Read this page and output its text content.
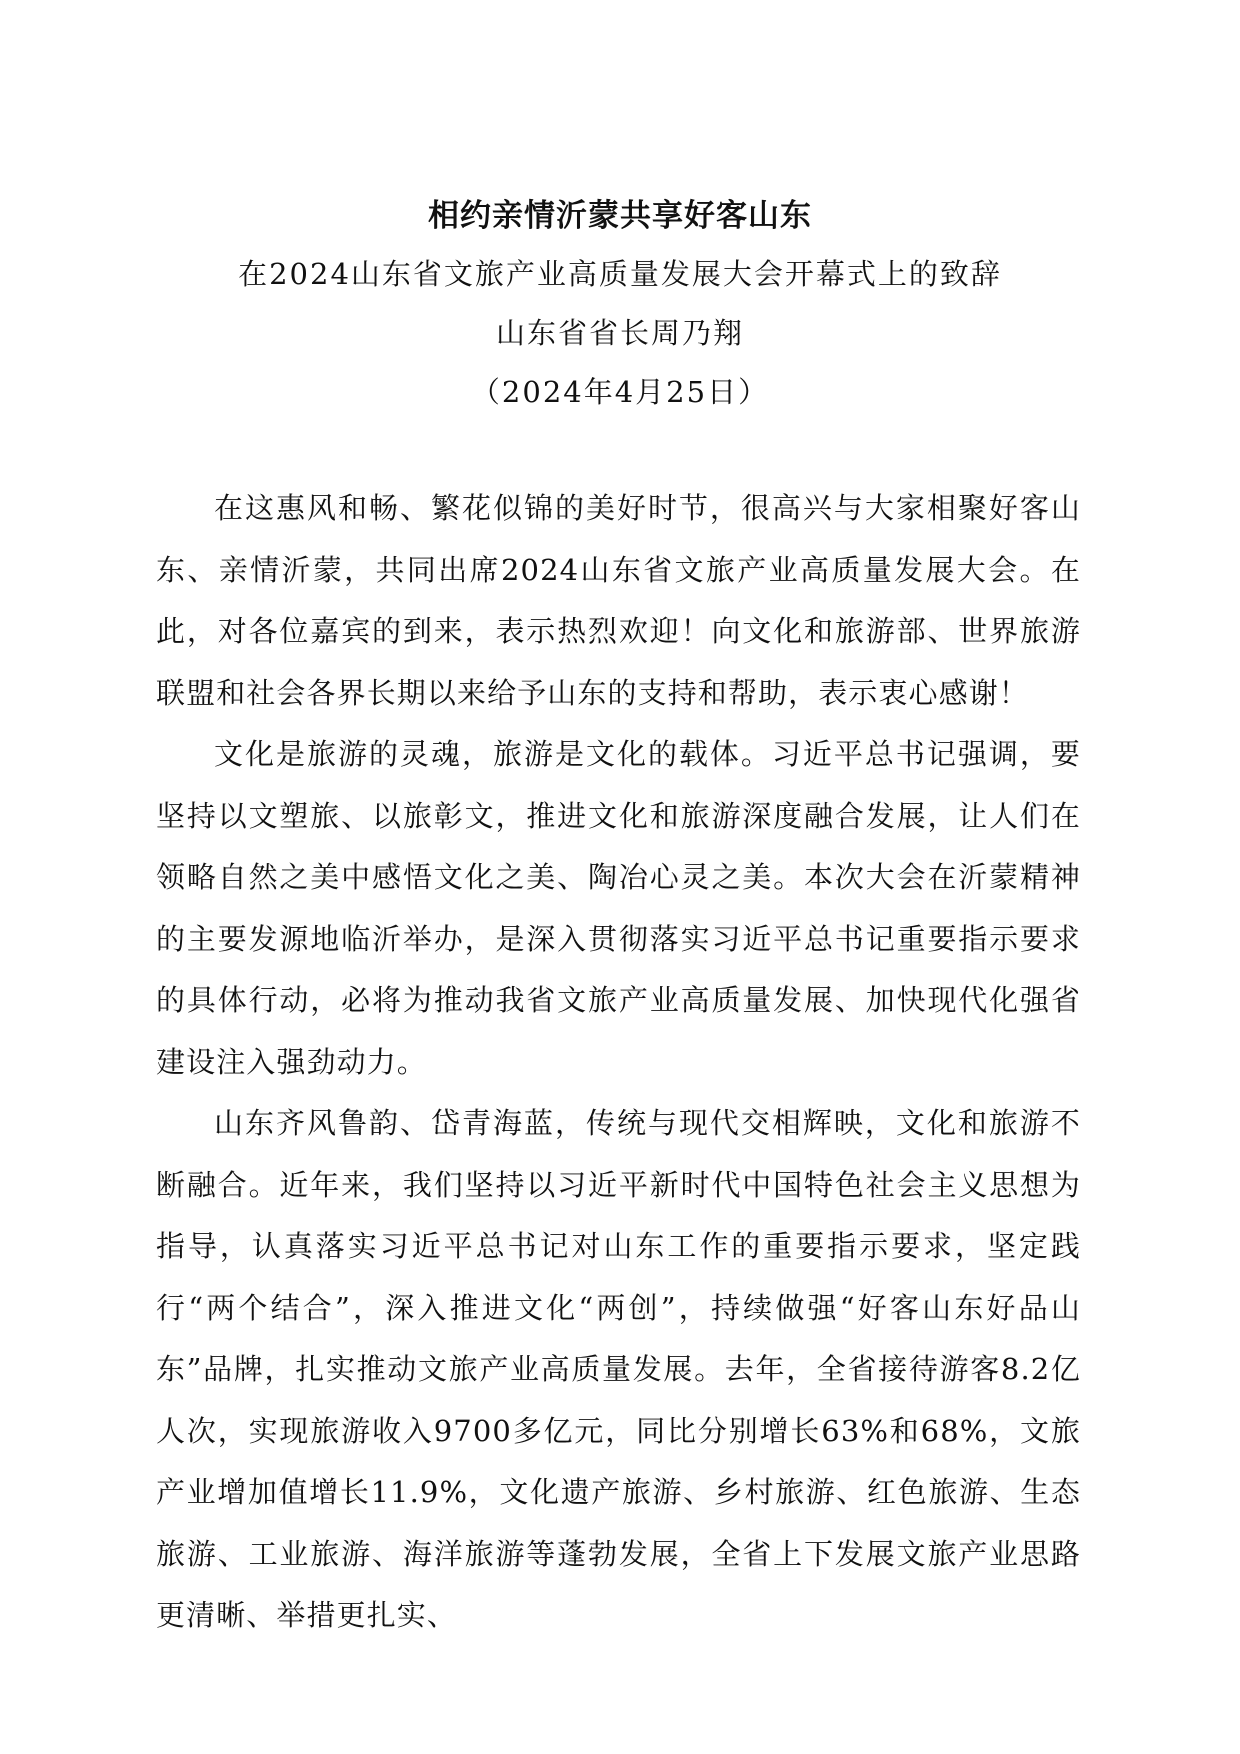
相约亲情沂蒙共享好客山东
在2024山东省文旅产业高质量发展大会开幕式上的致辞
山东省省长周乃翔
（2024年4月25日）

在这惠风和畅、繁花似锦的美好时节，很高兴与大家相聚好客山东、亲情沂蒙，共同出席2024山东省文旅产业高质量发展大会。在此，对各位嘉宾的到来，表示热烈欢迎！向文化和旅游部、世界旅游联盟和社会各界长期以来给予山东的支持和帮助，表示衷心感谢！

文化是旅游的灵魂，旅游是文化的载体。习近平总书记强调，要坚持以文塑旅、以旅彰文，推进文化和旅游深度融合发展，让人们在领略自然之美中感悟文化之美、陶冶心灵之美。本次大会在沂蒙精神的主要发源地临沂举办，是深入贯彻落实习近平总书记重要指示要求的具体行动，必将为推动我省文旅产业高质量发展、加快现代化强省建设注入强劲动力。

山东齐风鲁韵、岱青海蓝，传统与现代交相辉映，文化和旅游不断融合。近年来，我们坚持以习近平新时代中国特色社会主义思想为指导，认真落实习近平总书记对山东工作的重要指示要求，坚定践行“两个结合”，深入推进文化“两创”，持续做强“好客山东好品山东”品牌，扎实推动文旅产业高质量发展。去年，全省接待游客8.2亿人次，实现旅游收入9700多亿元，同比分别增长63%和68%，文旅产业增加值增长11.9%，文化遗产旅游、乡村旅游、红色旅游、生态旅游、工业旅游、海洋旅游等蓬勃发展，全省上下发展文旅产业思路更清晰、举措更扎实、
